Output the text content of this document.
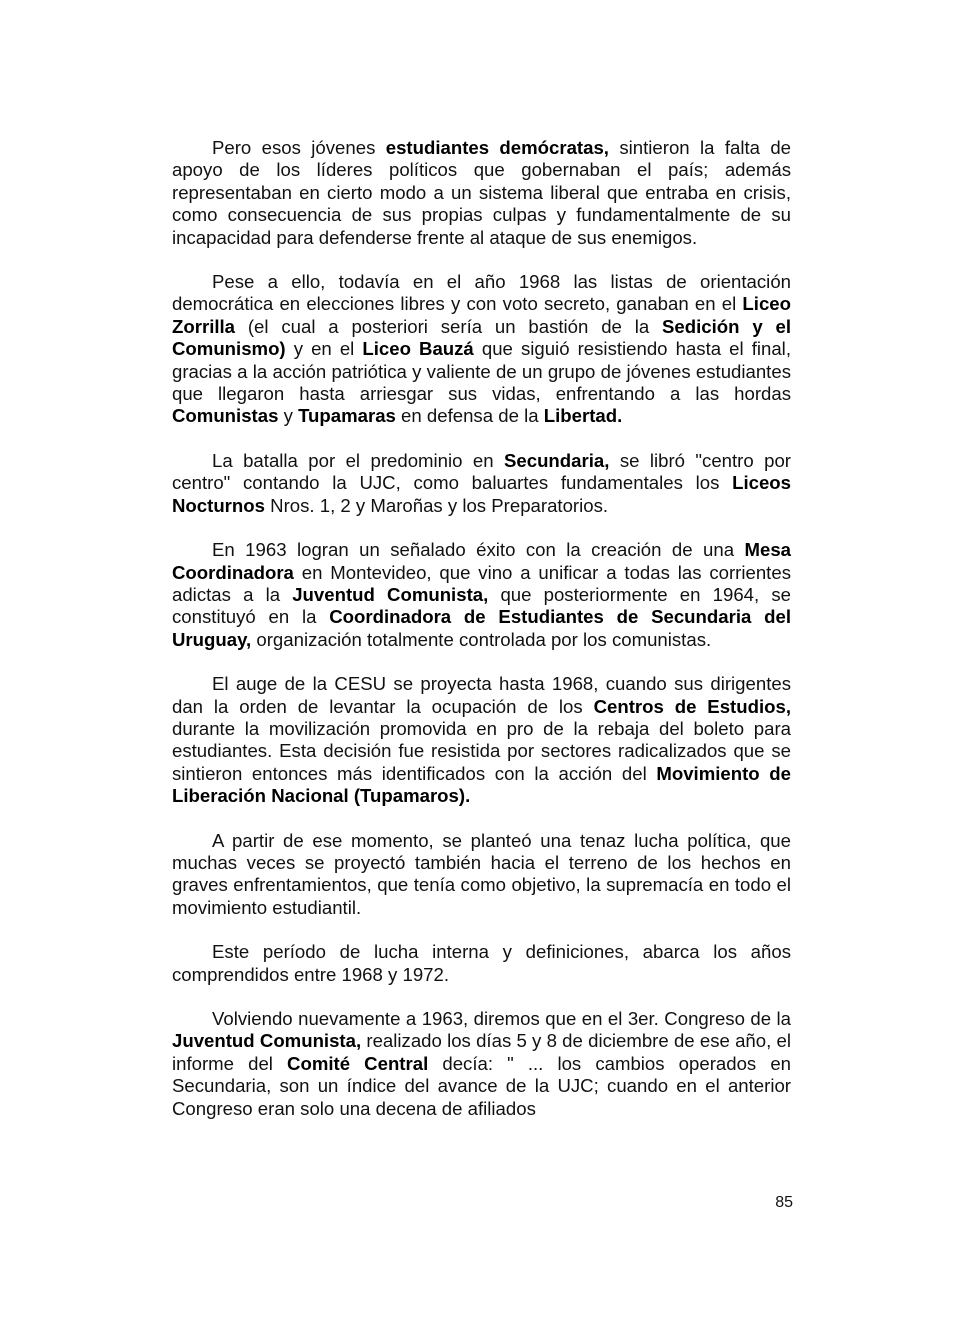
Pero esos jóvenes estudiantes demócratas, sintieron la falta de apoyo de los líderes políticos que gobernaban el país; además representaban en cierto modo a un sistema liberal que entraba en crisis, como consecuencia de sus propias culpas y fundamentalmente de su incapacidad para defenderse frente al ataque de sus enemigos.

Pese a ello, todavía en el año 1968 las listas de orientación democrática en elecciones libres y con voto secreto, ganaban en el Liceo Zorrilla (el cual a posteriori sería un bastión de la Sedición y el Comunismo) y en el Liceo Bauzá que siguió resistiendo hasta el final, gracias a la acción patriótica y valiente de un grupo de jóvenes estudiantes que llegaron hasta arriesgar sus vidas, enfrentando a las hordas Comunistas y Tupamaras en defensa de la Libertad.

La batalla por el predominio en Secundaria, se libró "centro por centro" contando la UJC, como baluartes fundamentales los Liceos Nocturnos Nros. 1, 2 y Maroñas y los Preparatorios.

En 1963 logran un señalado éxito con la creación de una Mesa Coordinadora en Montevideo, que vino a unificar a todas las corrientes adictas a la Juventud Comunista, que posteriormente en 1964, se constituyó en la Coordinadora de Estudiantes de Secundaria del Uruguay, organización totalmente controlada por los comunistas.

El auge de la CESU se proyecta hasta 1968, cuando sus dirigentes dan la orden de levantar la ocupación de los Centros de Estudios, durante la movilización promovida en pro de la rebaja del boleto para estudiantes. Esta decisión fue resistida por sectores radicalizados que se sintieron entonces más identificados con la acción del Movimiento de Liberación Nacional (Tupamaros).

A partir de ese momento, se planteó una tenaz lucha política, que muchas veces se proyectó también hacia el terreno de los hechos en graves enfrentamientos, que tenía como objetivo, la supremacía en todo el movimiento estudiantil.

Este período de lucha interna y definiciones, abarca los años comprendidos entre 1968 y 1972.

Volviendo nuevamente a 1963, diremos que en el 3er. Congreso de la Juventud Comunista, realizado los días 5 y 8 de diciembre de ese año, el informe del Comité Central decía: " ... los cambios operados en Secundaria, son un índice del avance de la UJC; cuando en el anterior Congreso eran solo una decena de afiliados

85
